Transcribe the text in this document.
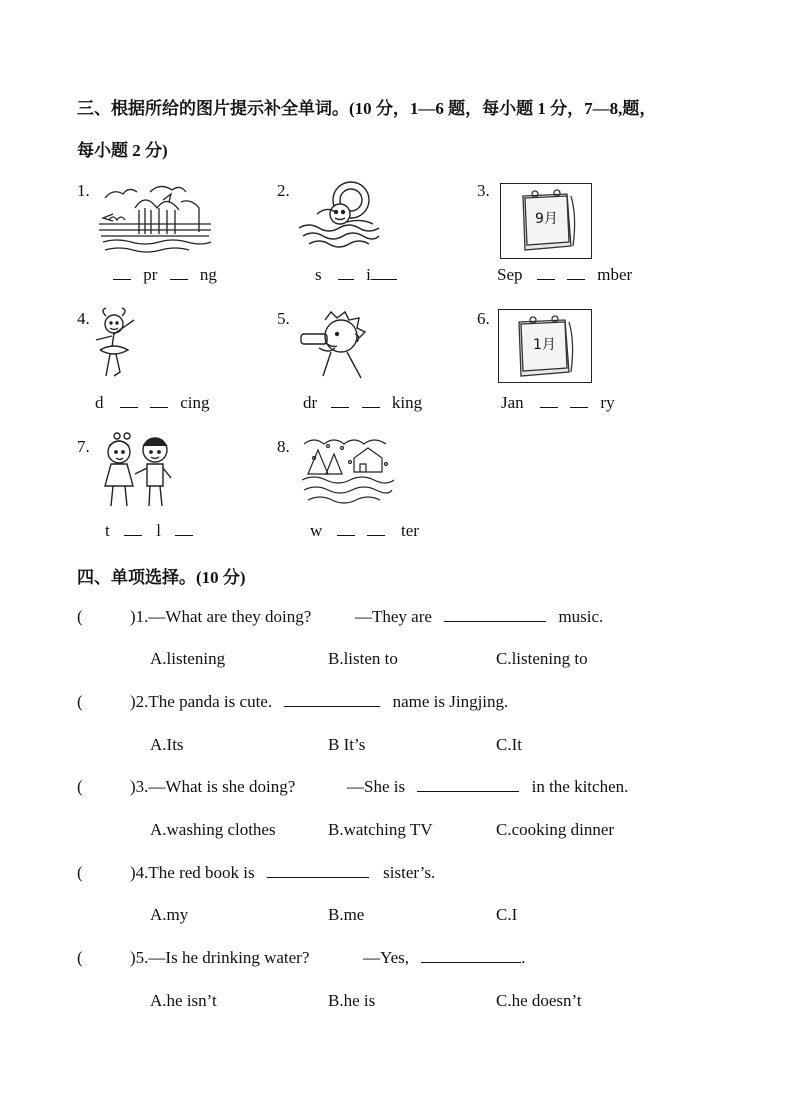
三、根据所给的图片提示补全单词。(10 分，1—6 题，每小题 1 分，7—8,题，
每小题 2 分)
1.
pr	ng
2.
s	i
3.
9月
Sep	mber
4.
d	cing
5.
dr	king
6.
1月
Jan	ry
7.
t	l
8.
w	ter
四、单项选择。(10 分)
(	)1.—What are they doing?	—They are	music.
A.listening	B.listen to	C.listening to
(	)2.The panda is cute.	name is Jingjing.
A.Its	B It’s	C.It
(	)3.—What is she doing?	—She is	in the kitchen.
A.washing clothes	B.watching TV	C.cooking dinner
(	)4.The red book is	sister’s.
A.my	B.me	C.I
(	)5.—Is he drinking water?	—Yes,	.
A.he isn’t	B.he is	C.he doesn’t
